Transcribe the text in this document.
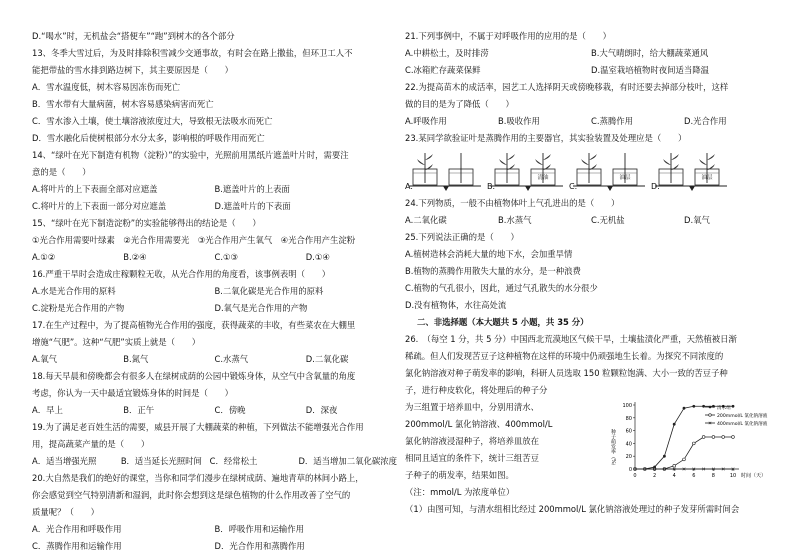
D.“喝水”时，无机盐会“搭便车”“跑”到树木的各个部分
13、冬季大雪过后，为及时排除积雪减少交通事故，有时会在路上撒盐，但环卫工人不
能把带盐的雪水排到路边树下，其主要原因是（　　）
A．雪水温度低，树木容易因冻伤而死亡
B．雪水带有大量病菌，树木容易感染病害而死亡
C．雪水渗入土壤，使土壤溶液浓度过大，导致根无法吸水而死亡
D．雪水融化后使树根部分水分太多，影响根的呼吸作用而死亡
14、“绿叶在光下制造有机物（淀粉）”的实验中，光照前用黑纸片遮盖叶片时，需要注
意的是（　　）
A.将叶片的上下表面全部对应遮盖	B.遮盖叶片的上表面
C.将叶片的上下表面一部分对应遮盖	D.遮盖叶片的下表面
15、“绿叶在光下制造淀粉”的实验能够得出的结论是（　　）
①光合作用需要叶绿素　②光合作用需要光　③光合作用产生氧气　④光合作用产生淀粉
A.①②	B.②④	C.①③	D.①④
16.严重干旱时会造成庄稼颗粒无收，从光合作用的角度看，该事例表明（　　）
A.水是光合作用的原料	B.二氧化碳是光合作用的原料
C.淀粉是光合作用的产物	D.氧气是光合作用的产物
17.在生产过程中，为了提高植物光合作用的强度，获得蔬菜的丰收，有些菜农在大棚里
增施“气肥”。这种“气肥”实质上就是（　　）
A.氧气	B.氮气	C.水蒸气	D.二氧化碳
18.每天早晨和傍晚都会有很多人在绿树成荫的公园中锻炼身体，从空气中含氧量的角度
考虑，你认为一天中最适宜锻炼身体的时间是（　　）
A．早上	B．正午	C．傍晚	D．深夜
19.为了满足老百姓生活的需要，威县开展了大棚蔬菜的种植，下列做法不能增强光合作用
用，提高蔬菜产量的是（　　）
A．适当增强光照	B．适当延长光照时间 C．经常松土	D．适当增加二氧化碳浓度
20.大自然是我们的绝好的课堂，当你和同学们漫步在绿树成荫、遍地青草的林间小路上，
你会感觉到空气特别清新和湿润，此时你会想到这是绿色植物的什么作用改善了空气的
质量呢？（　　）
A．光合作用和呼吸作用	B．呼吸作用和运输作用
C．蒸腾作用和运输作用	D．光合作用和蒸腾作用
21.下列事例中，不属于对呼吸作用的应用的是（　　）
A.中耕松土，及时排涝	B.大气晴朗时，给大棚蔬菜通风
C.冰箱贮存蔬菜保鲜	D.温室栽培植物时夜间适当降温
22.为提高苗木的成活率，园艺工人选择阴天或傍晚移栽，有时还要去掉部分枝叶，这样
做的目的是为了降低（　　）
A.呼吸作用	B.吸收作用	C.蒸腾作用	D.光合作用
23.某同学欲验证叶是蒸腾作用的主要器官，其实验装置及处理应是（　　）
A.
清油
B.
油层
C.
油层
D.
24.下列物质，一般不由植物体叶上气孔进出的是（　　）
A.二氧化碳	B.水蒸气	C.无机盐	D.氧气
25.下列说法正确的是（　　）
A.植树造林会消耗大量的地下水，会加重旱情
B.植物的蒸腾作用散失大量的水分，是一种浪费
C.植物的气孔很小，因此，通过气孔散失的水分很少
D.没有植物体，水往高处流
二、非选择题（本大题共 5 小题，共 35 分）
26.　（每空 1 分，共 5 分）中国西北荒漠地区气候干旱，土壤盐渍化严重，天然植被日渐
稀疏。但人们发现苦豆子这种植物在这样的环境中仍顽强地生长着。为探究不同浓度的
氯化钠溶液对种子萌发率的影响，科研人员选取 150 粒颗粒饱满、大小一致的苦豆子种
子，进行种皮软化，将处理后的种子分
为三组置于培养皿中，分别用清水、
200mmol/L 氯化钠溶液、400mmol/L
氯化钠溶液浸湿种子，将培养皿放在
相同且适宜的条件下，统计三组苦豆
子种子的萌发率，结果如图。
（注：mmol/L 为浓度单位）
0
20
40
60
80
100
0	2	4	6	8	10 时间（天）
种子萌发率（%）
清水组
200mmol/L 氯化钠溶液
400mmol/L 氯化钠溶液
（1）由图可知，与清水组相比经过 200mmol/L 氯化钠溶液处理过的种子发芽所需时间会
